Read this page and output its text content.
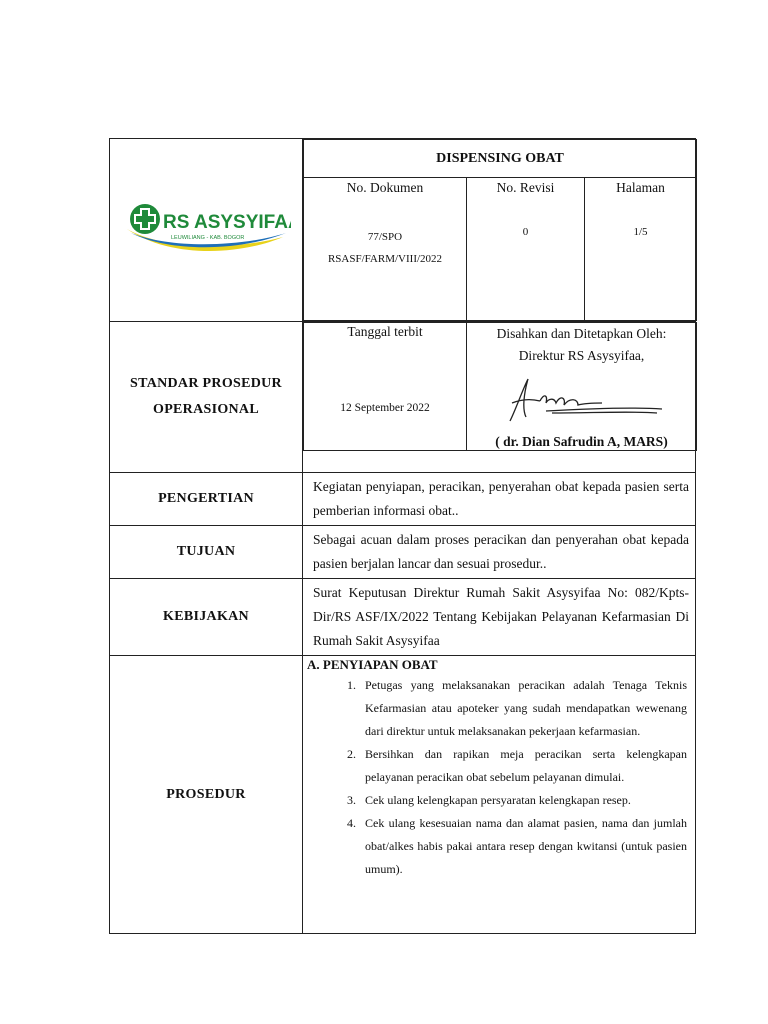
RS ASYSYIFAA
LEUWILIANG - KAB. BOGOR

DISPENSING OBAT

No. Dokumen
77/SPO
RSASF/FARM/VIII/2022

No. Revisi
0

Halaman
1/5

STANDAR PROSEDUR
OPERASIONAL

Tanggal terbit
12 September 2022

Disahkan dan Ditetapkan Oleh:
Direktur RS Asysyifaa,
( dr. Dian Safrudin A, MARS)

PENGERTIAN	Kegiatan penyiapan, peracikan, penyerahan obat kepada pasien serta pemberian informasi obat..
TUJUAN	Sebagai acuan dalam proses peracikan dan penyerahan obat kepada pasien berjalan lancar dan sesuai prosedur..
KEBIJAKAN	Surat Keputusan Direktur Rumah Sakit Asysyifaa No: 082/Kpts-Dir/RS ASF/IX/2022 Tentang Kebijakan Pelayanan Kefarmasian Di Rumah Sakit Asysyifaa
PROSEDUR	
A. PENYIAPAN OBAT
1. Petugas yang melaksanakan peracikan adalah Tenaga Teknis Kefarmasian atau apoteker yang sudah mendapatkan wewenang dari direktur untuk melaksanakan pekerjaan kefarmasian.
2. Bersihkan dan rapikan meja peracikan serta kelengkapan pelayanan peracikan obat sebelum pelayanan dimulai.
3. Cek ulang kelengkapan persyaratan kelengkapan resep.
4. Cek ulang kesesuaian nama dan alamat pasien, nama dan jumlah obat/alkes habis pakai antara resep dengan kwitansi (untuk pasien umum).
